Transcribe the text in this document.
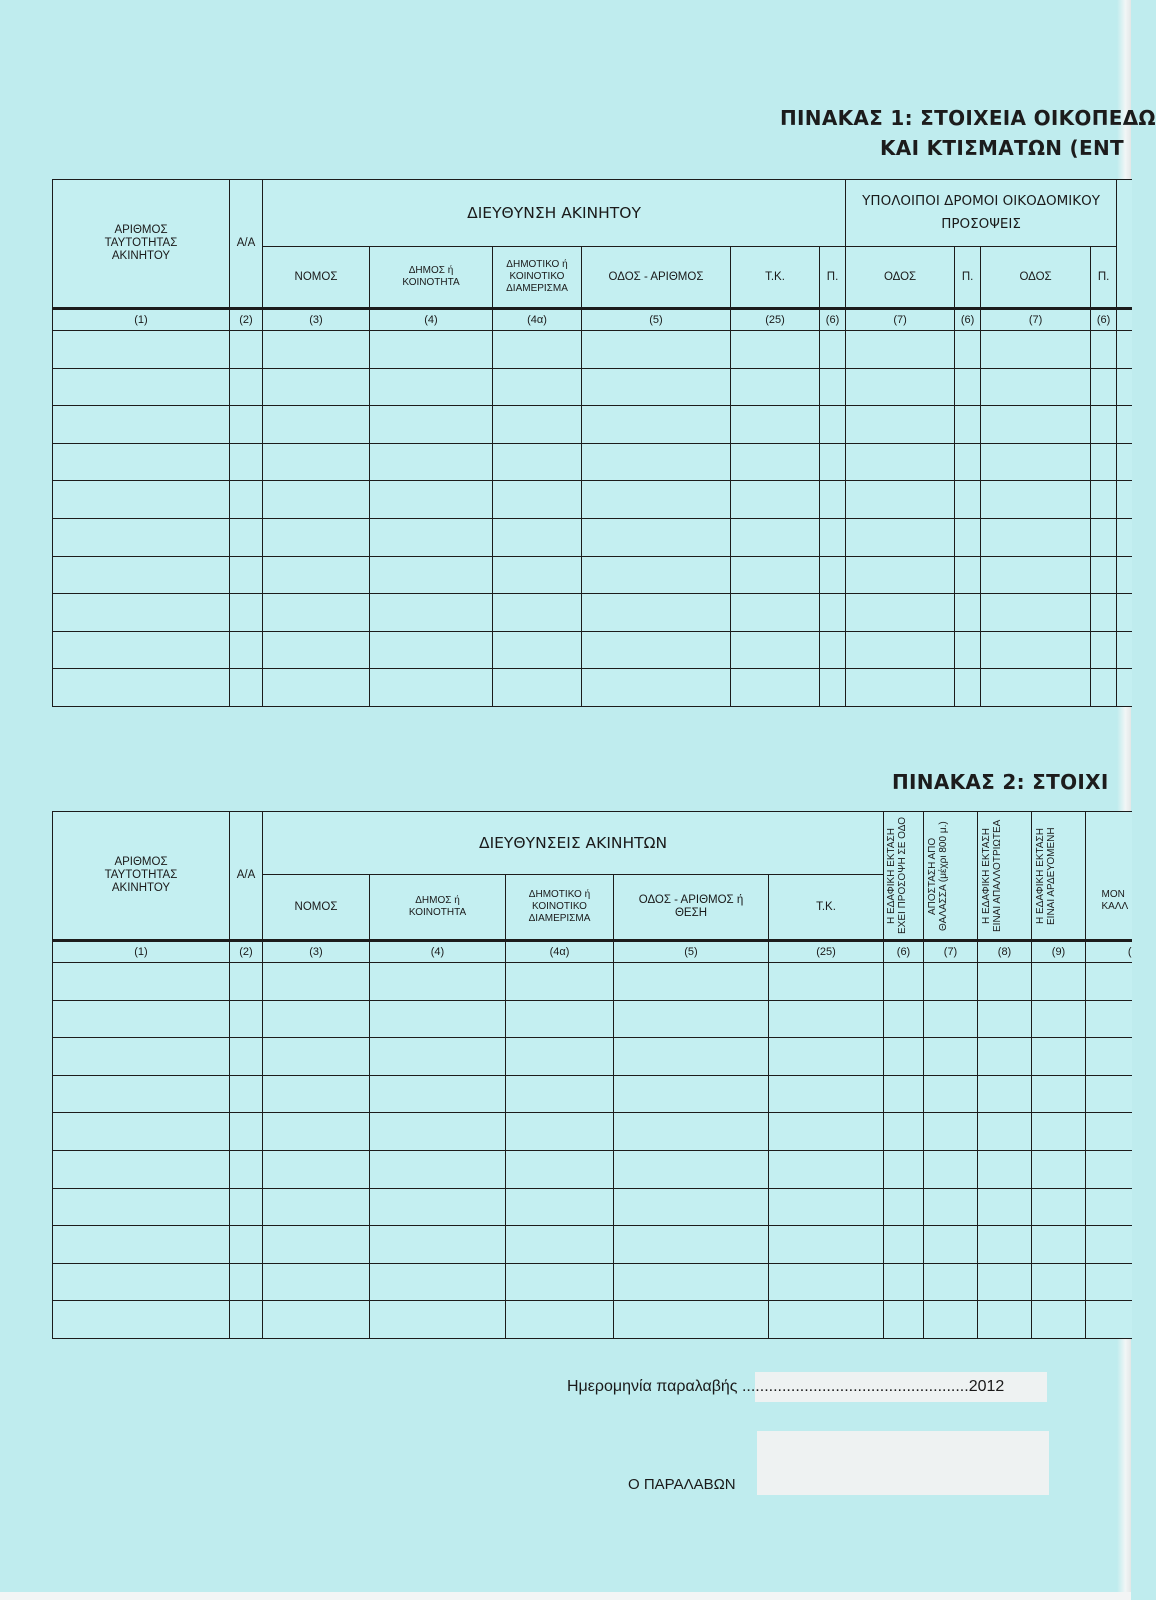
ΠΙΝΑΚΑΣ 1: ΣΤΟΙΧΕΙΑ ΟΙΚΟΠΕΔΩ
ΚΑΙ ΚΤΙΣΜΑΤΩΝ (ΕΝΤ
ΑΡΙΘΜΟΣ ΤΑΥΤΟΤΗΤΑΣ ΑΚΙΝΗΤΟΥ	Α/Α	ΔΙΕΥΘΥΝΣΗ ΑΚΙΝΗΤΟΥ						ΥΠΟΛΟΙΠΟΙ ΔΡΟΜΟΙ ΟΙΚΟΔΟΜΙΚΟΥ ΠΡΟΣΟΨΕΙΣ				
		ΝΟΜΟΣ	ΔΗΜΟΣ ή ΚΟΙΝΟΤΗΤΑ	ΔΗΜΟΤΙΚΟ ή ΚΟΙΝΟΤΙΚΟ ΔΙΑΜΕΡΙΣΜΑ	ΟΔΟΣ - ΑΡΙΘΜΟΣ	Τ.Κ.	Π.	ΟΔΟΣ	Π.	ΟΔΟΣ	Π.	
(1)	(2)	(3)	(4)	(4α)	(5)	(25)	(6)	(7)	(6)	(7)	(6)	

ΠΙΝΑΚΑΣ 2: ΣΤΟΙΧΙ
ΑΡΙΘΜΟΣ ΤΑΥΤΟΤΗΤΑΣ ΑΚΙΝΗΤΟΥ	Α/Α	ΔΙΕΥΘΥΝΣΕΙΣ ΑΚΙΝΗΤΩΝ					Η ΕΔΑΦΙΚΗ ΕΚΤΑΣΗ ΕΧΕΙ ΠΡΟΣΟΨΗ ΣΕ ΟΔΟ	ΑΠΟΣΤΑΣΗ ΑΠΟ ΘΑΛΑΣΣΑ (μέχρι 800 μ.)	Η ΕΔΑΦΙΚΗ ΕΚΤΑΣΗ ΕΙΝΑΙ ΑΠΑΛΛΟΤΡΙΩΤΕΑ	Η ΕΔΑΦΙΚΗ ΕΚΤΑΣΗ ΕΙΝΑΙ ΑΡΔΕΥΟΜΕΝΗ	ΜΟΝ ΚΑΛΛ

		ΝΟΜΟΣ	ΔΗΜΟΣ ή ΚΟΙΝΟΤΗΤΑ	ΔΗΜΟΤΙΚΟ ή ΚΟΙΝΟΤΙΚΟ ΔΙΑΜΕΡΙΣΜΑ	ΟΔΟΣ - ΑΡΙΘΜΟΣ ή ΘΕΣΗ	Τ.Κ.					
(1)	(2)	(3)	(4)	(4α)	(5)	(25)	(6)	(7)	(8)	(9)	(

Ημερομηνία παραλαβής ...................................................2012
Ο ΠΑΡΑΛΑΒΩΝ
